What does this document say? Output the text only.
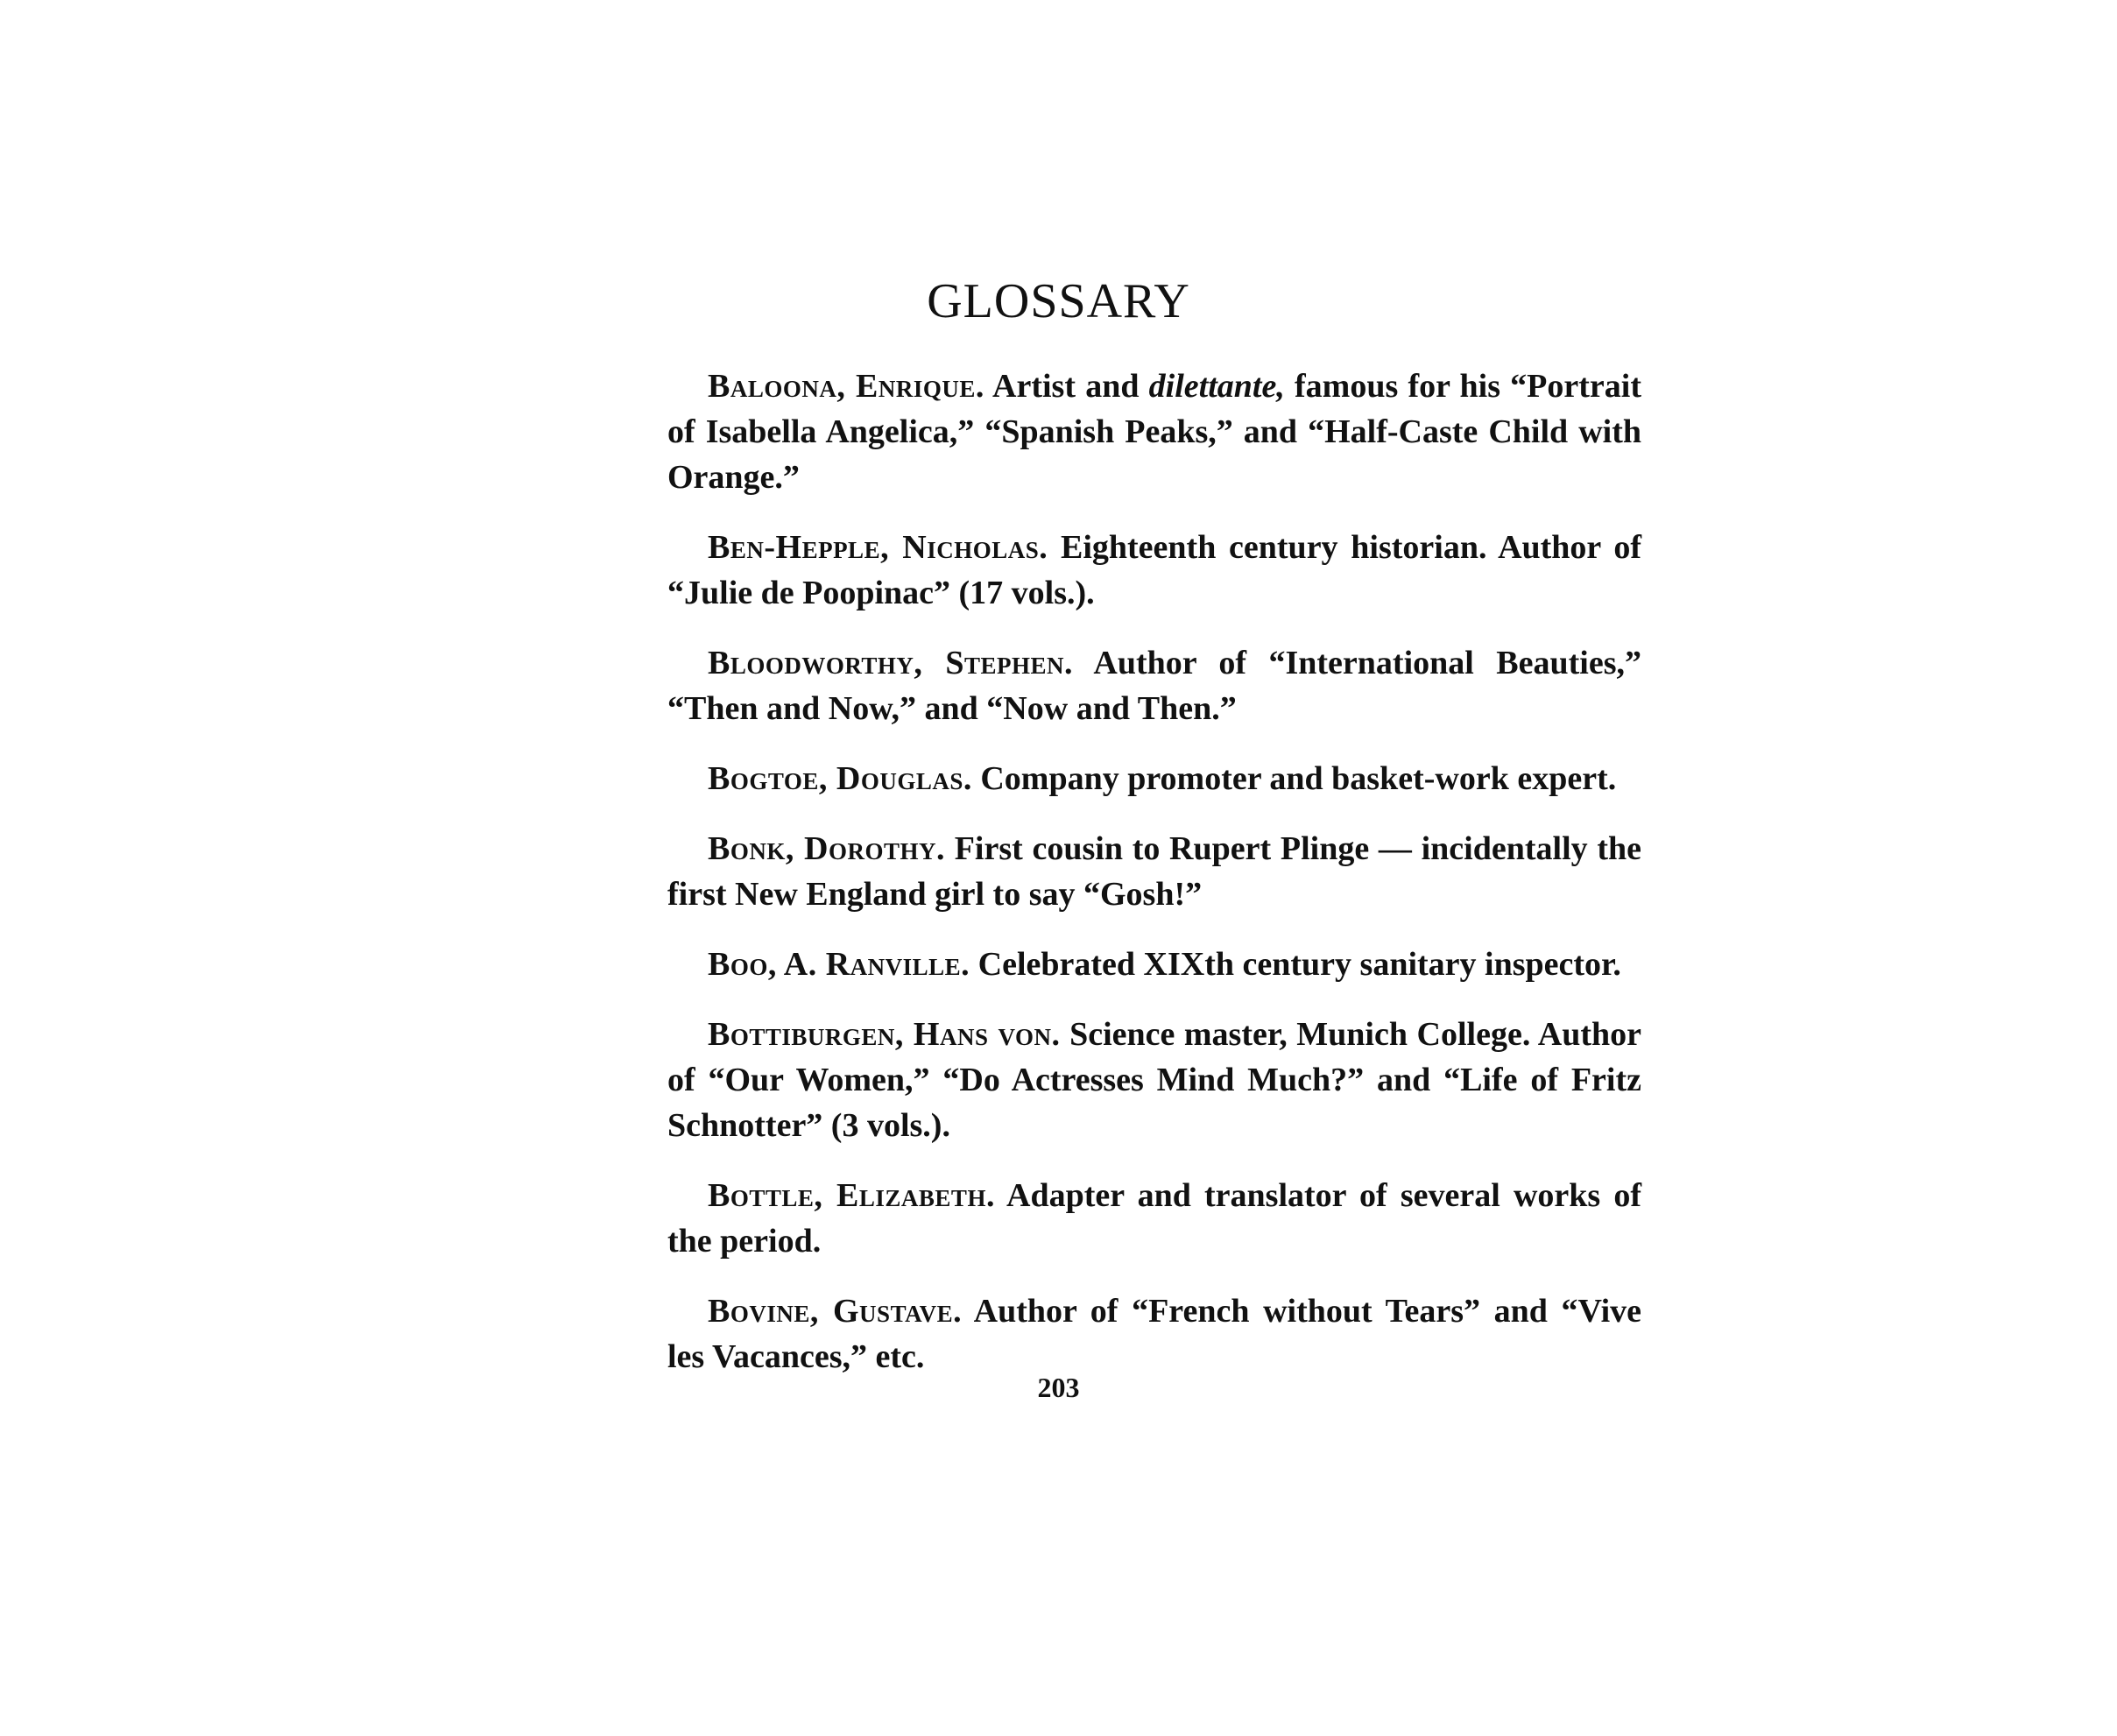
GLOSSARY

Baloona, Enrique. Artist and dilettante, famous for his “Portrait of Isabella Angelica,” “Spanish Peaks,” and “Half-Caste Child with Orange.”

Ben-Hepple, Nicholas. Eighteenth century historian. Author of “Julie de Poopinac” (17 vols.).

Bloodworthy, Stephen. Author of “International Beauties,” “Then and Now,” and “Now and Then.”

Bogtoe, Douglas. Company promoter and basket-work expert.

Bonk, Dorothy. First cousin to Rupert Plinge — incidentally the first New England girl to say “Gosh!”

Boo, A. Ranville. Celebrated XIXth century sanitary inspector.

Bottiburgen, Hans von. Science master, Munich College. Author of “Our Women,” “Do Actresses Mind Much?” and “Life of Fritz Schnotter” (3 vols.).

Bottle, Elizabeth. Adapter and translator of several works of the period.

Bovine, Gustave. Author of “French without Tears” and “Vive les Vacances,” etc.

203
